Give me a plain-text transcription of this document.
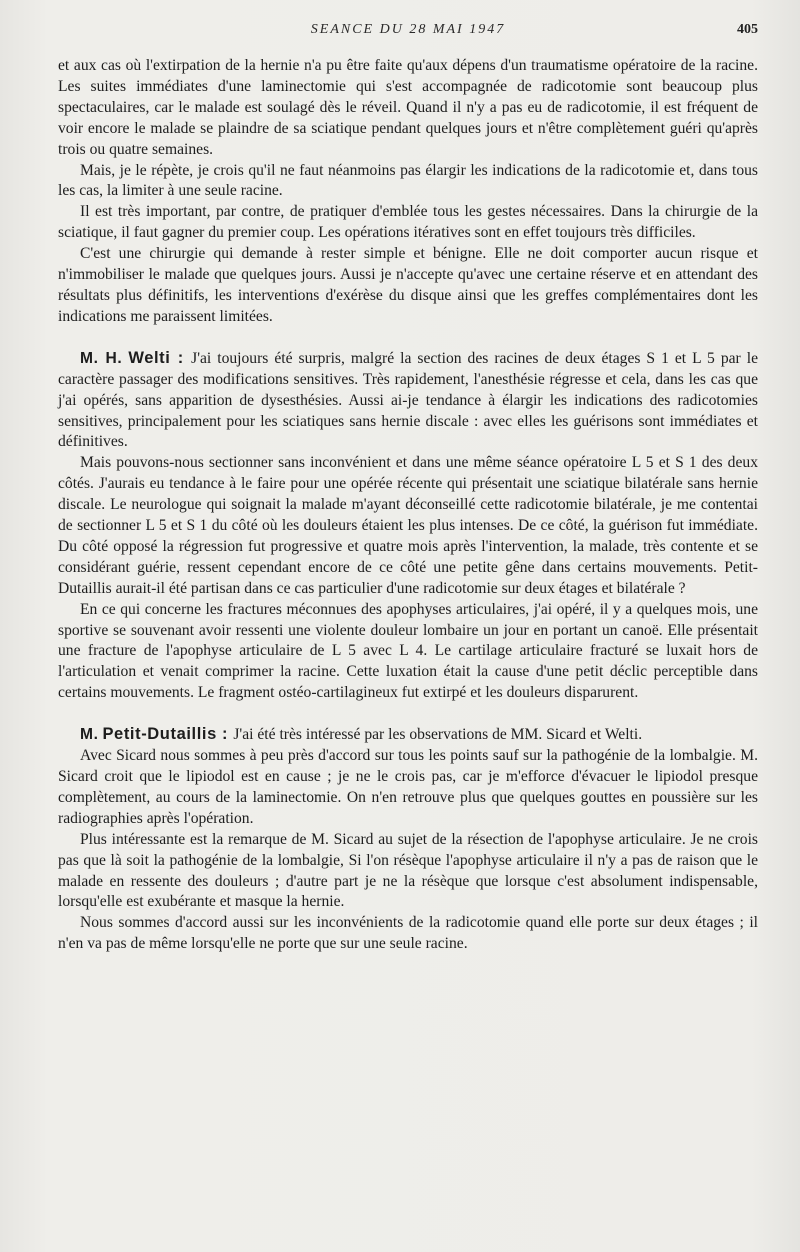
SEANCE DU 28 MAI 1947	405

et aux cas où l'extirpation de la hernie n'a pu être faite qu'aux dépens d'un traumatisme opératoire de la racine. Les suites immédiates d'une laminectomie qui s'est accompagnée de radicotomie sont beaucoup plus spectaculaires, car le malade est soulagé dès le réveil. Quand il n'y a pas eu de radicotomie, il est fréquent de voir encore le malade se plaindre de sa sciatique pendant quelques jours et n'être complètement guéri qu'après trois ou quatre semaines.

Mais, je le répète, je crois qu'il ne faut néanmoins pas élargir les indications de la radicotomie et, dans tous les cas, la limiter à une seule racine.

Il est très important, par contre, de pratiquer d'emblée tous les gestes nécessaires. Dans la chirurgie de la sciatique, il faut gagner du premier coup. Les opérations itératives sont en effet toujours très difficiles.

C'est une chirurgie qui demande à rester simple et bénigne. Elle ne doit comporter aucun risque et n'immobiliser le malade que quelques jours. Aussi je n'accepte qu'avec une certaine réserve et en attendant des résultats plus définitifs, les interventions d'exérèse du disque ainsi que les greffes complémentaires dont les indications me paraissent limitées.

M. H. Welti : J'ai toujours été surpris, malgré la section des racines de deux étages S 1 et L 5 par le caractère passager des modifications sensitives. Très rapidement, l'anesthésie régresse et cela, dans les cas que j'ai opérés, sans apparition de dysesthésies. Aussi ai-je tendance à élargir les indications des radicotomies sensitives, principalement pour les sciatiques sans hernie discale : avec elles les guérisons sont immédiates et définitives.

Mais pouvons-nous sectionner sans inconvénient et dans une même séance opératoire L 5 et S 1 des deux côtés. J'aurais eu tendance à le faire pour une opérée récente qui présentait une sciatique bilatérale sans hernie discale. Le neurologue qui soignait la malade m'ayant déconseillé cette radicotomie bilatérale, je me contentai de sectionner L 5 et S 1 du côté où les douleurs étaient les plus intenses. De ce côté, la guérison fut immédiate. Du côté opposé la régression fut progressive et quatre mois après l'intervention, la malade, très contente et se considérant guérie, ressent cependant encore de ce côté une petite gêne dans certains mouvements. Petit-Dutaillis aurait-il été partisan dans ce cas particulier d'une radicotomie sur deux étages et bilatérale ?

En ce qui concerne les fractures méconnues des apophyses articulaires, j'ai opéré, il y a quelques mois, une sportive se souvenant avoir ressenti une violente douleur lombaire un jour en portant un canoë. Elle présentait une fracture de l'apophyse articulaire de L 5 avec L 4. Le cartilage articulaire fracturé se luxait hors de l'articulation et venait comprimer la racine. Cette luxation était la cause d'une petit déclic perceptible dans certains mouvements. Le fragment ostéo-cartilagineux fut extirpé et les douleurs disparurent.

M. Petit-Dutaillis : J'ai été très intéressé par les observations de MM. Sicard et Welti.

Avec Sicard nous sommes à peu près d'accord sur tous les points sauf sur la pathogénie de la lombalgie. M. Sicard croit que le lipiodol est en cause ; je ne le crois pas, car je m'efforce d'évacuer le lipiodol presque complètement, au cours de la laminectomie. On n'en retrouve plus que quelques gouttes en poussière sur les radiographies après l'opération.

Plus intéressante est la remarque de M. Sicard au sujet de la résection de l'apophyse articulaire. Je ne crois pas que là soit la pathogénie de la lombalgie, Si l'on résèque l'apophyse articulaire il n'y a pas de raison que le malade en ressente des douleurs ; d'autre part je ne la résèque que lorsque c'est absolument indispensable, lorsqu'elle est exubérante et masque la hernie.

Nous sommes d'accord aussi sur les inconvénients de la radicotomie quand elle porte sur deux étages ; il n'en va pas de même lorsqu'elle ne porte que sur une seule racine.
